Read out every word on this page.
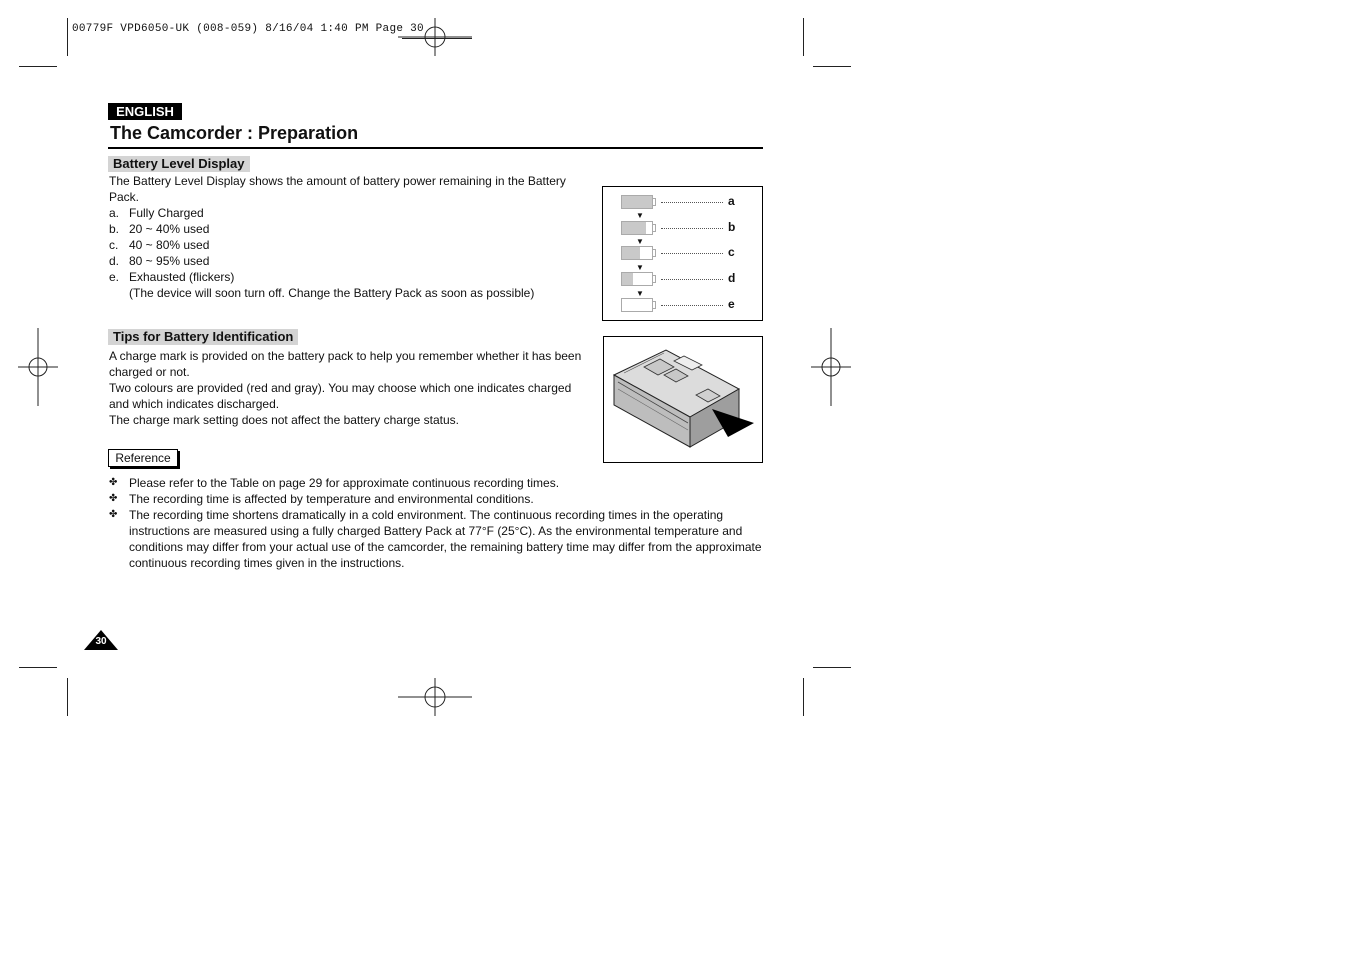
00779F VPD6050-UK (008-059) 8/16/04 1:40 PM Page 30
ENGLISH
The Camcorder : Preparation
Battery Level Display
The Battery Level Display shows the amount of battery power remaining in the Battery Pack.
a. Fully Charged
b. 20 ~ 40% used
c. 40 ~ 80% used
d. 80 ~ 95% used
e. Exhausted (flickers)
(The device will soon turn off. Change the Battery Pack as soon as possible)
a
▼
b
▼
c
▼
d
▼
e
Tips for Battery Identification
A charge mark is provided on the battery pack to help you remember whether it has been charged or not.
Two colours are provided (red and gray). You may choose which one indicates charged and which indicates discharged.
The charge mark setting does not affect the battery charge status.
Reference
✤ Please refer to the Table on page 29 for approximate continuous recording times.
✤ The recording time is affected by temperature and environmental conditions.
✤ The recording time shortens dramatically in a cold environment. The continuous recording times in the operating instructions are measured using a fully charged Battery Pack at 77°F (25°C). As the environmental temperature and conditions may differ from your actual use of the camcorder, the remaining battery time may differ from the approximate continuous recording times given in the instructions.
30
